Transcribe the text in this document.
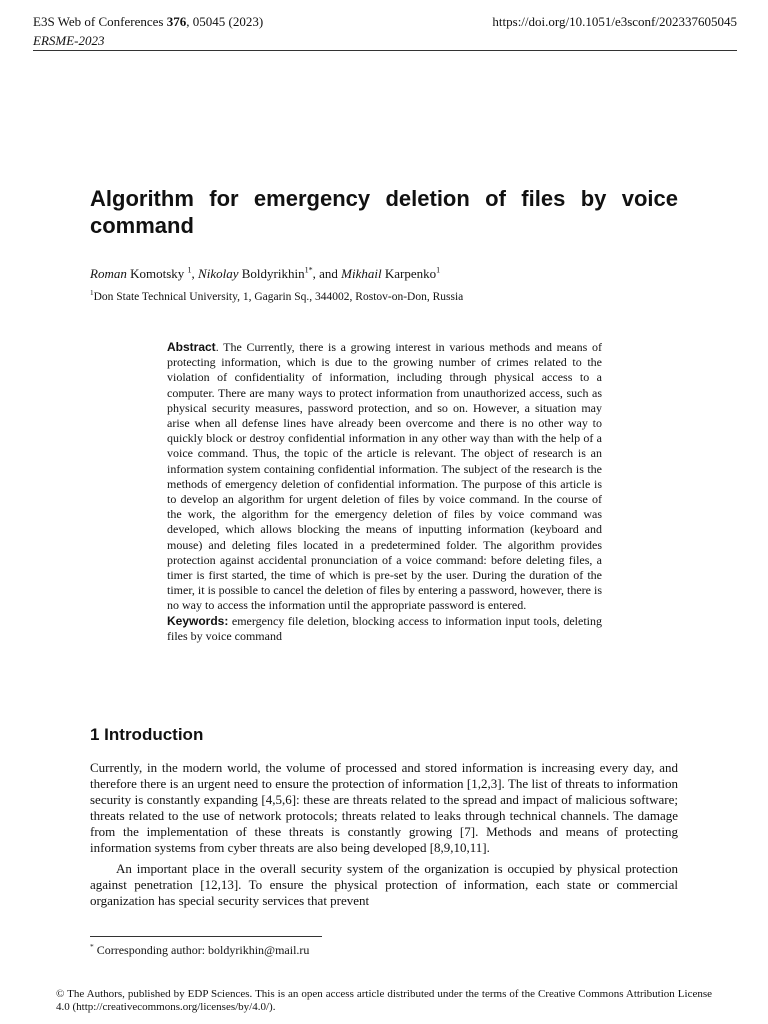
E3S Web of Conferences 376, 05045 (2023)
ERSME-2023
https://doi.org/10.1051/e3sconf/202337605045
Algorithm for emergency deletion of files by voice command
Roman Komotsky $^1$, Nikolay Boldyrikhin$^{1*}$, and Mikhail Karpenko$^1$
$^1$Don State Technical University, 1, Gagarin Sq., 344002, Rostov-on-Don, Russia
Abstract. The Currently, there is a growing interest in various methods and means of protecting information, which is due to the growing number of crimes related to the violation of confidentiality of information, including through physical access to a computer. There are many ways to protect information from unauthorized access, such as physical security measures, password protection, and so on. However, a situation may arise when all defense lines have already been overcome and there is no other way to quickly block or destroy confidential information in any other way than with the help of a voice command. Thus, the topic of the article is relevant. The object of research is an information system containing confidential information. The subject of the research is the methods of emergency deletion of confidential information. The purpose of this article is to develop an algorithm for urgent deletion of files by voice command. In the course of the work, the algorithm for the emergency deletion of files by voice command was developed, which allows blocking the means of inputting information (keyboard and mouse) and deleting files located in a predetermined folder. The algorithm provides protection against accidental pronunciation of a voice command: before deleting files, a timer is first started, the time of which is pre-set by the user. During the duration of the timer, it is possible to cancel the deletion of files by entering a password, however, there is no way to access the information until the appropriate password is entered.
Keywords: emergency file deletion, blocking access to information input tools, deleting files by voice command
1 Introduction

Currently, in the modern world, the volume of processed and stored information is increasing every day, and therefore there is an urgent need to ensure the protection of information [1,2,3]. The list of threats to information security is constantly expanding [4,5,6]: these are threats related to the spread and impact of malicious software; threats related to the use of network protocols; threats related to leaks through technical channels. The damage from the implementation of these threats is constantly growing [7]. Methods and means of protecting information systems from cyber threats are also being developed [8,9,10,11].

An important place in the overall security system of the organization is occupied by physical protection against penetration [12,13]. To ensure the physical protection of information, each state or commercial organization has special security services that prevent

* Corresponding author: boldyrikhin@mail.ru
© The Authors, published by EDP Sciences. This is an open access article distributed under the terms of the Creative Commons Attribution License 4.0 (http://creativecommons.org/licenses/by/4.0/).
